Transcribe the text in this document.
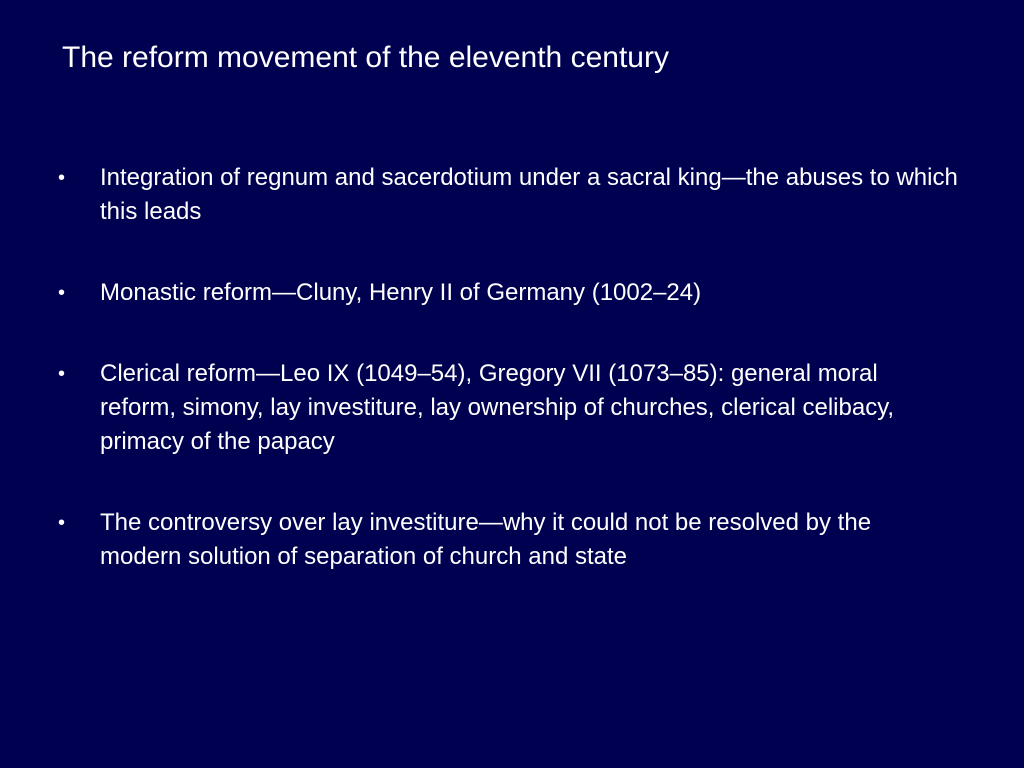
The reform movement of the eleventh century
•	Integration of regnum and sacerdotium under a sacral king—the abuses to which this leads
•	Monastic reform—Cluny, Henry II of Germany (1002–24)
•	Clerical reform—Leo IX (1049–54), Gregory VII (1073–85): general moral reform, simony, lay investiture, lay ownership of churches, clerical celibacy, primacy of the papacy
•	The controversy over lay investiture—why it could not be resolved by the modern solution of separation of church and state
